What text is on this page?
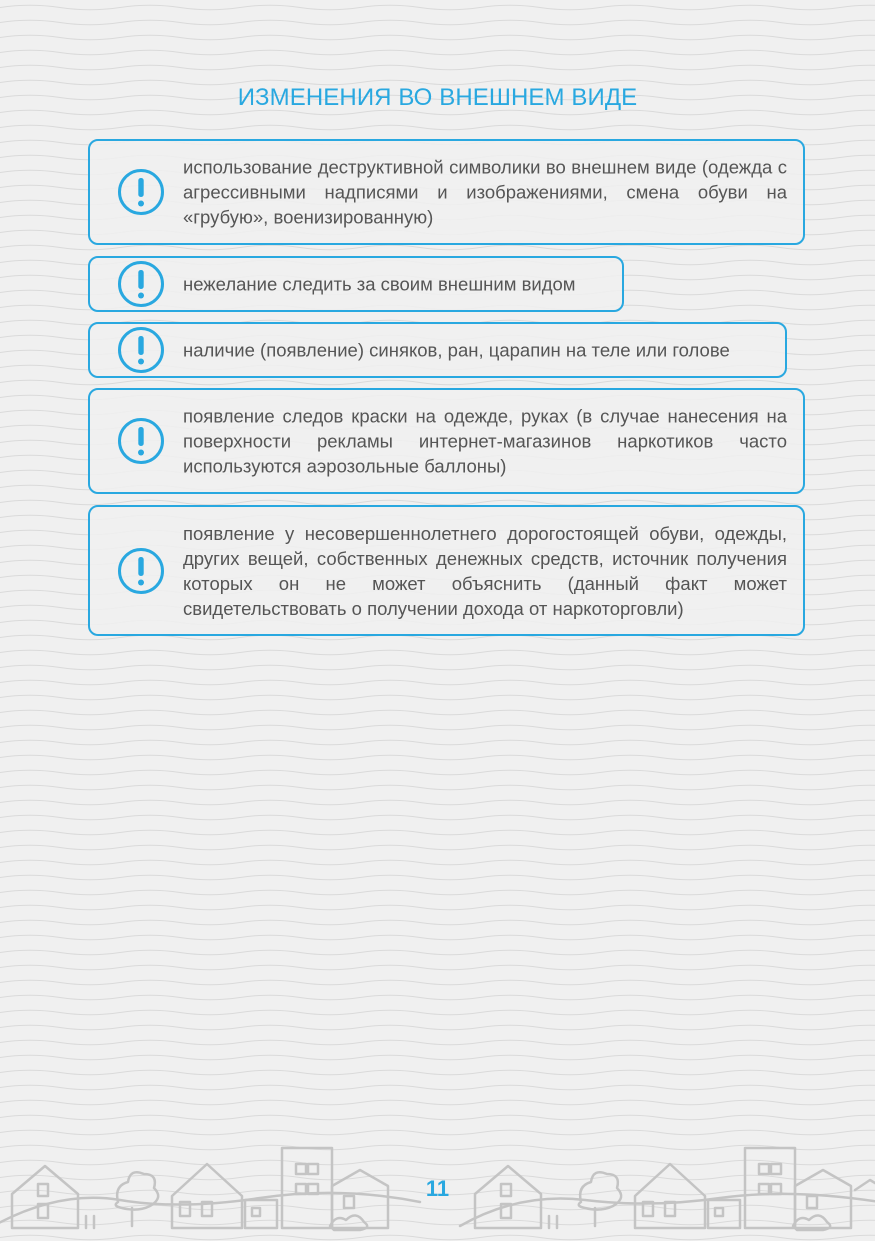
ИЗМЕНЕНИЯ ВО ВНЕШНЕМ ВИДЕ

использование деструктивной символики во внешнем виде (одежда с агрессивными надписями и изображениями, смена обуви на «грубую», военизированную)

нежелание следить за своим внешним видом

наличие (появление) синяков, ран, царапин на теле или голове

появление следов краски на одежде, руках (в случае нанесения на поверхности рекламы интернет-магазинов наркотиков часто используются аэрозольные баллоны)

появление у несовершеннолетнего дорогостоящей обуви, одежды, других вещей, собственных денежных средств, источник получения которых он не может объяснить (данный факт может свидетельствовать о получении дохода от наркоторговли)

11
